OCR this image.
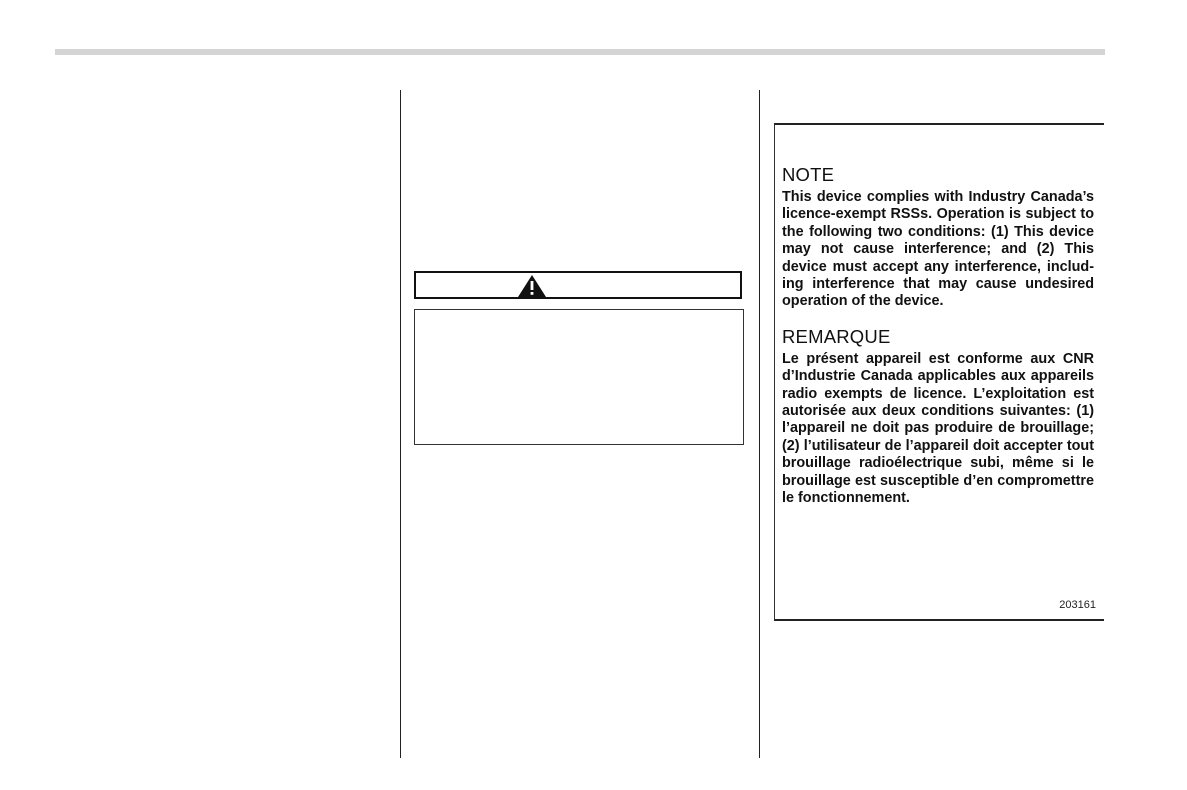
NOTE

This device complies with Industry Canada’s licence-exempt RSSs. Operation is subject to the following two conditions: (1) This device may not cause interference; and (2) This device must accept any interference, including interference that may cause undesired operation of the device.

REMARQUE

Le présent appareil est conforme aux CNR d’Industrie Canada applicables aux appareils radio exempts de licence. L’exploitation est autorisée aux deux conditions suivantes: (1) l’appareil ne doit pas produire de brouillage; (2) l’utilisateur de l’appareil doit accepter tout brouillage radioélectrique subi, même si le brouillage est susceptible d’en compromettre le fonctionnement.

203161
